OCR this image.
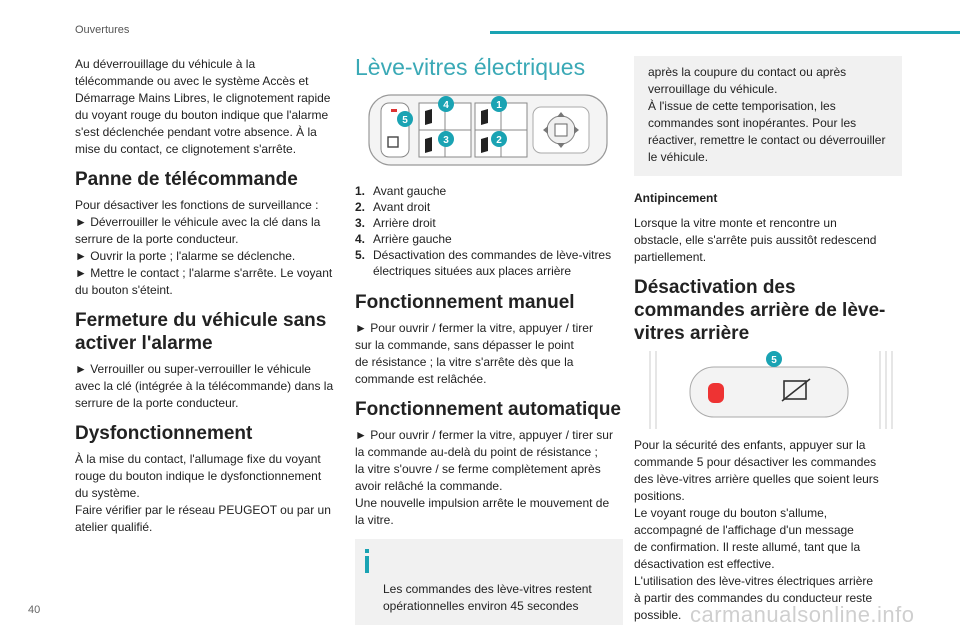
Ouvertures

Au déverrouillage du véhicule à la
télécommande ou avec le système Accès et
Démarrage Mains Libres, le clignotement rapide
du voyant rouge du bouton indique que l'alarme
s'est déclenchée pendant votre absence. À la
mise du contact, ce clignotement s'arrête.

Panne de télécommande

Pour désactiver les fonctions de surveillance :
► Déverrouiller le véhicule avec la clé dans la
serrure de la porte conducteur.
► Ouvrir la porte ; l'alarme se déclenche.
► Mettre le contact ; l'alarme s'arrête. Le voyant
du bouton s'éteint.

Fermeture du véhicule sans activer l'alarme

► Verrouiller ou super-verrouiller le véhicule
avec la clé (intégrée à la télécommande) dans la
serrure de la porte conducteur.

Dysfonctionnement

À la mise du contact, l'allumage fixe du voyant
rouge du bouton indique le dysfonctionnement
du système.
Faire vérifier par le réseau PEUGEOT ou par un
atelier qualifié.

Lève-vitres électriques
1
2
3
4
5
1. Avant gauche
2. Avant droit
3. Arrière droit
4. Arrière gauche
5. Désactivation des commandes de lève-vitres
électriques situées aux places arrière
Fonctionnement manuel

► Pour ouvrir / fermer la vitre, appuyer / tirer
sur la commande, sans dépasser le point
de résistance ; la vitre s'arrête dès que la
commande est relâchée.

Fonctionnement automatique

► Pour ouvrir / fermer la vitre, appuyer / tirer sur
la commande au-delà du point de résistance ;
la vitre s'ouvre / se ferme complètement après
avoir relâché la commande.
Une nouvelle impulsion arrête le mouvement de
la vitre.

Les commandes des lève-vitres restent
opérationnelles environ 45 secondes

après la coupure du contact ou après
verrouillage du véhicule.
À l'issue de cette temporisation, les
commandes sont inopérantes. Pour les
réactiver, remettre le contact ou déverrouiller
le véhicule.
Antipincement

Lorsque la vitre monte et rencontre un
obstacle, elle s'arrête puis aussitôt redescend
partiellement.

Désactivation des commandes arrière de lève-vitres arrière
5

Pour la sécurité des enfants, appuyer sur la
commande 5 pour désactiver les commandes
des lève-vitres arrière quelles que soient leurs
positions.
Le voyant rouge du bouton s'allume,
accompagné de l'affichage d'un message
de confirmation. Il reste allumé, tant que la
désactivation est effective.
L'utilisation des lève-vitres électriques arrière
à partir des commandes du conducteur reste
possible.

40	carmanualsonline.info
